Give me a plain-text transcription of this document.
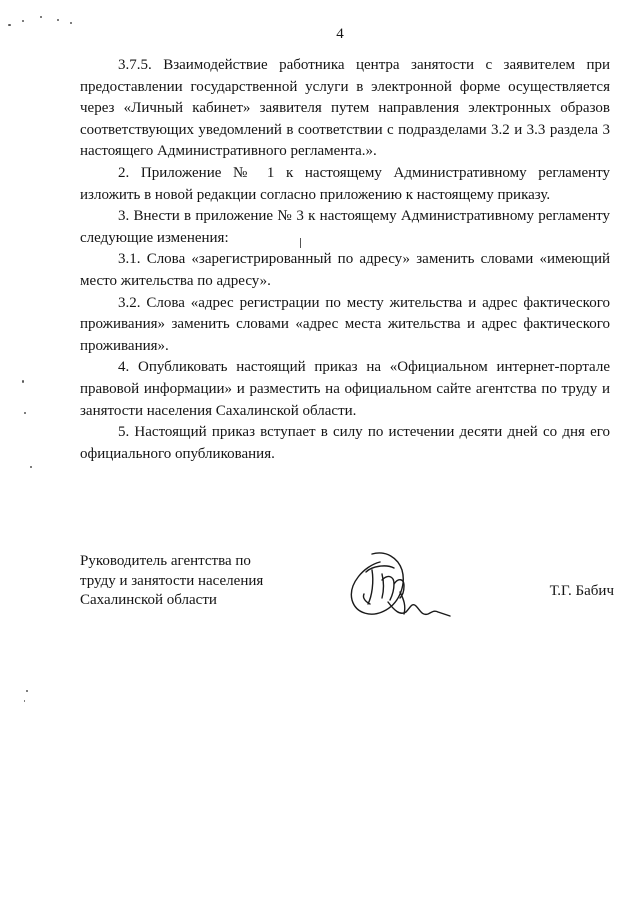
4

3.7.5. Взаимодействие работника центра занятости с заявителем при предоставлении государственной услуги в электронной форме осуществляется через «Личный кабинет» заявителя путем направления электронных образов соответствующих уведомлений в соответствии с подразделами 3.2 и 3.3 раздела 3 настоящего Административного регламента.».

2. Приложение № 1 к настоящему Административному регламенту изложить в новой редакции согласно приложению к настоящему приказу.

3. Внести в приложение № 3 к настоящему Административному регламенту следующие изменения:

3.1. Слова «зарегистрированный по адресу» заменить словами «имеющий место жительства по адресу».

3.2. Слова «адрес регистрации по месту жительства и адрес фактического проживания» заменить словами «адрес места жительства и адрес фактического проживания».

4. Опубликовать настоящий приказ на «Официальном интернет-портале правовой информации» и разместить на официальном сайте агентства по труду и занятости населения Сахалинской области.

5. Настоящий приказ вступает в силу по истечении десяти дней со дня его официального опубликования.

Руководитель агентства по
труду и занятости населения
Сахалинской области
Т.Г. Бабич
